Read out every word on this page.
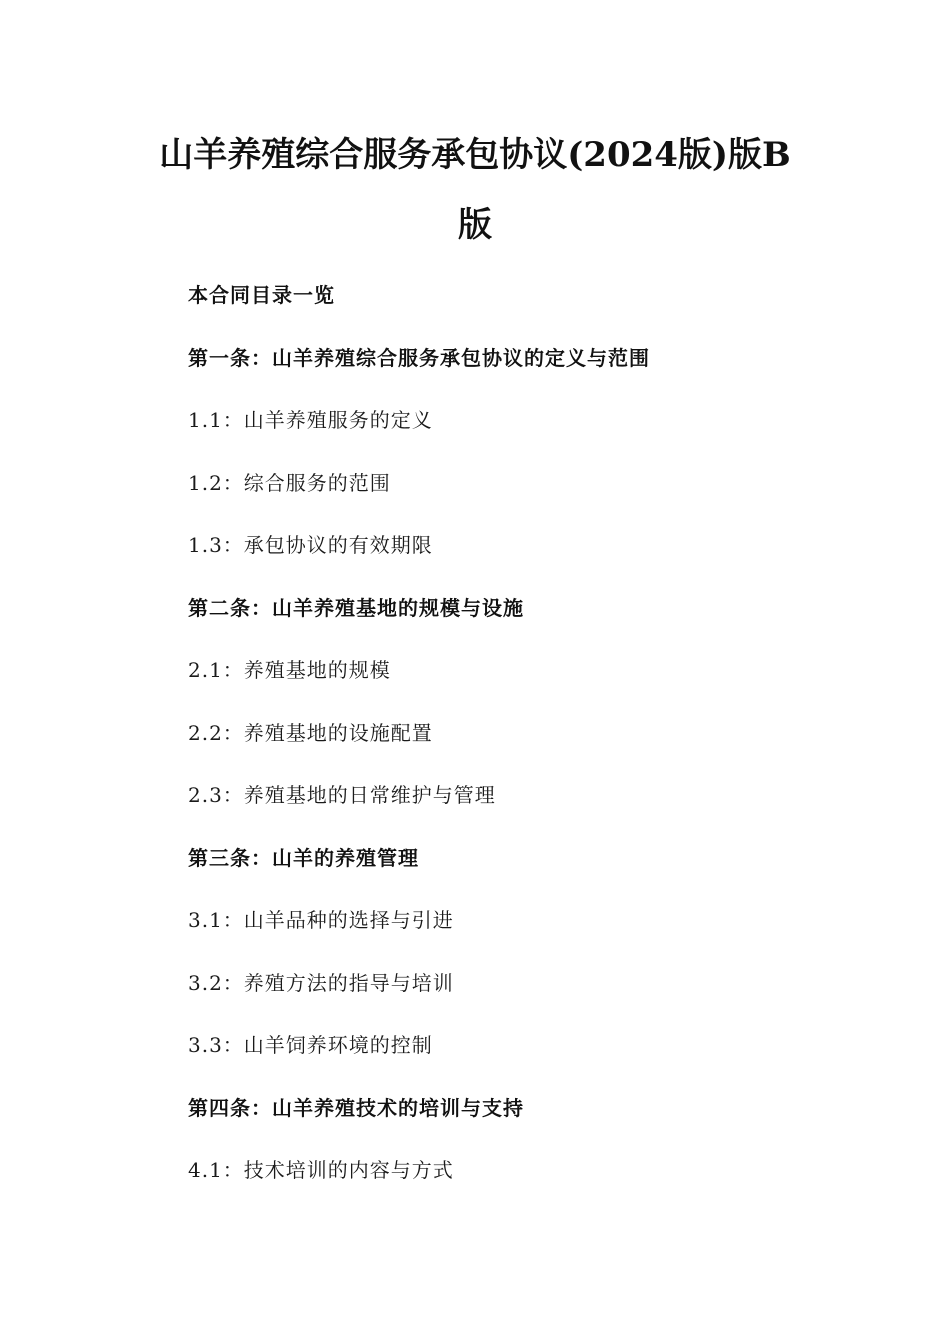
山羊养殖综合服务承包协议(2024版)版B
版
本合同目录一览
第一条：山羊养殖综合服务承包协议的定义与范围
1.1：山羊养殖服务的定义
1.2：综合服务的范围
1.3：承包协议的有效期限
第二条：山羊养殖基地的规模与设施
2.1：养殖基地的规模
2.2：养殖基地的设施配置
2.3：养殖基地的日常维护与管理
第三条：山羊的养殖管理
3.1：山羊品种的选择与引进
3.2：养殖方法的指导与培训
3.3：山羊饲养环境的控制
第四条：山羊养殖技术的培训与支持
4.1：技术培训的内容与方式
